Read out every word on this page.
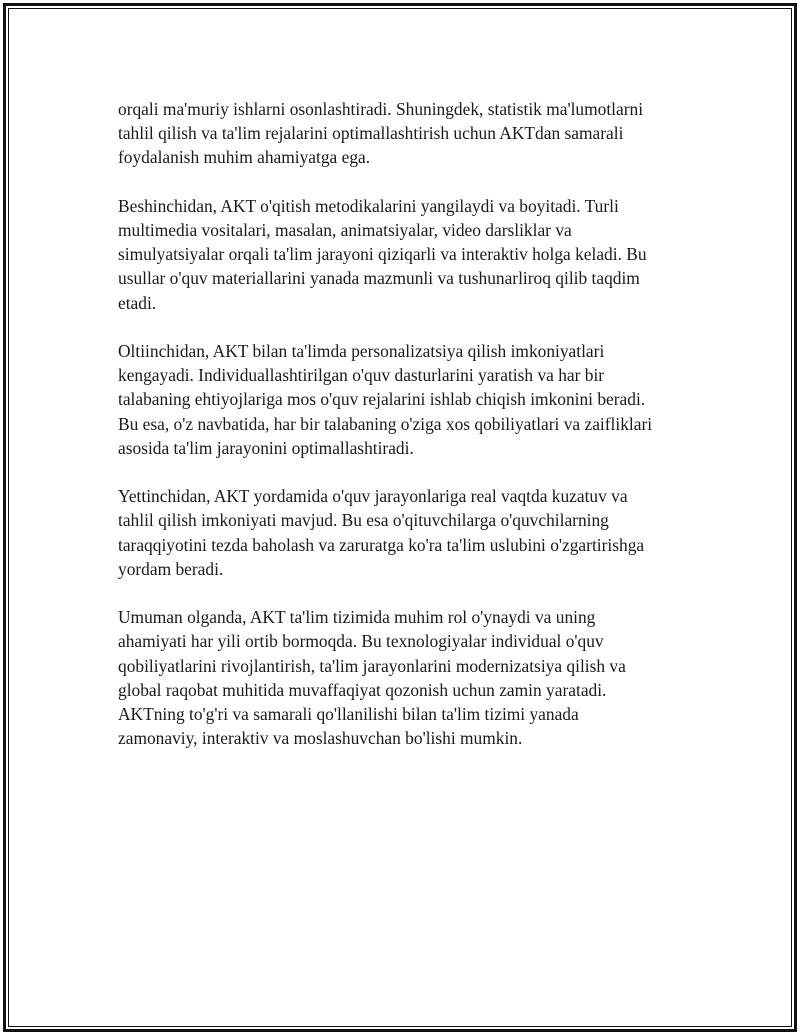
orqali ma'muriy ishlarni osonlashtiradi. Shuningdek, statistik ma'lumotlarni
tahlil qilish va ta'lim rejalarini optimallashtirish uchun AKTdan samarali
foydalanish muhim ahamiyatga ega.

Beshinchidan, AKT o'qitish metodikalarini yangilaydi va boyitadi. Turli
multimedia vositalari, masalan, animatsiyalar, video darsliklar va
simulyatsiyalar orqali ta'lim jarayoni qiziqarli va interaktiv holga keladi. Bu
usullar o'quv materiallarini yanada mazmunli va tushunarliroq qilib taqdim
etadi.

Oltiinchidan, AKT bilan ta'limda personalizatsiya qilish imkoniyatlari
kengayadi. Individuallashtirilgan o'quv dasturlarini yaratish va har bir
talabaning ehtiyojlariga mos o'quv rejalarini ishlab chiqish imkonini beradi.
Bu esa, o'z navbatida, har bir talabaning o'ziga xos qobiliyatlari va zaifliklari
asosida ta'lim jarayonini optimallashtiradi.

Yettinchidan, AKT yordamida o'quv jarayonlariga real vaqtda kuzatuv va
tahlil qilish imkoniyati mavjud. Bu esa o'qituvchilarga o'quvchilarning
taraqqiyotini tezda baholash va zaruratga ko'ra ta'lim uslubini o'zgartirishga
yordam beradi.

Umuman olganda, AKT ta'lim tizimida muhim rol o'ynaydi va uning
ahamiyati har yili ortib bormoqda. Bu texnologiyalar individual o'quv
qobiliyatlarini rivojlantirish, ta'lim jarayonlarini modernizatsiya qilish va
global raqobat muhitida muvaffaqiyat qozonish uchun zamin yaratadi.
AKTning to'g'ri va samarali qo'llanilishi bilan ta'lim tizimi yanada
zamonaviy, interaktiv va moslashuvchan bo'lishi mumkin.
